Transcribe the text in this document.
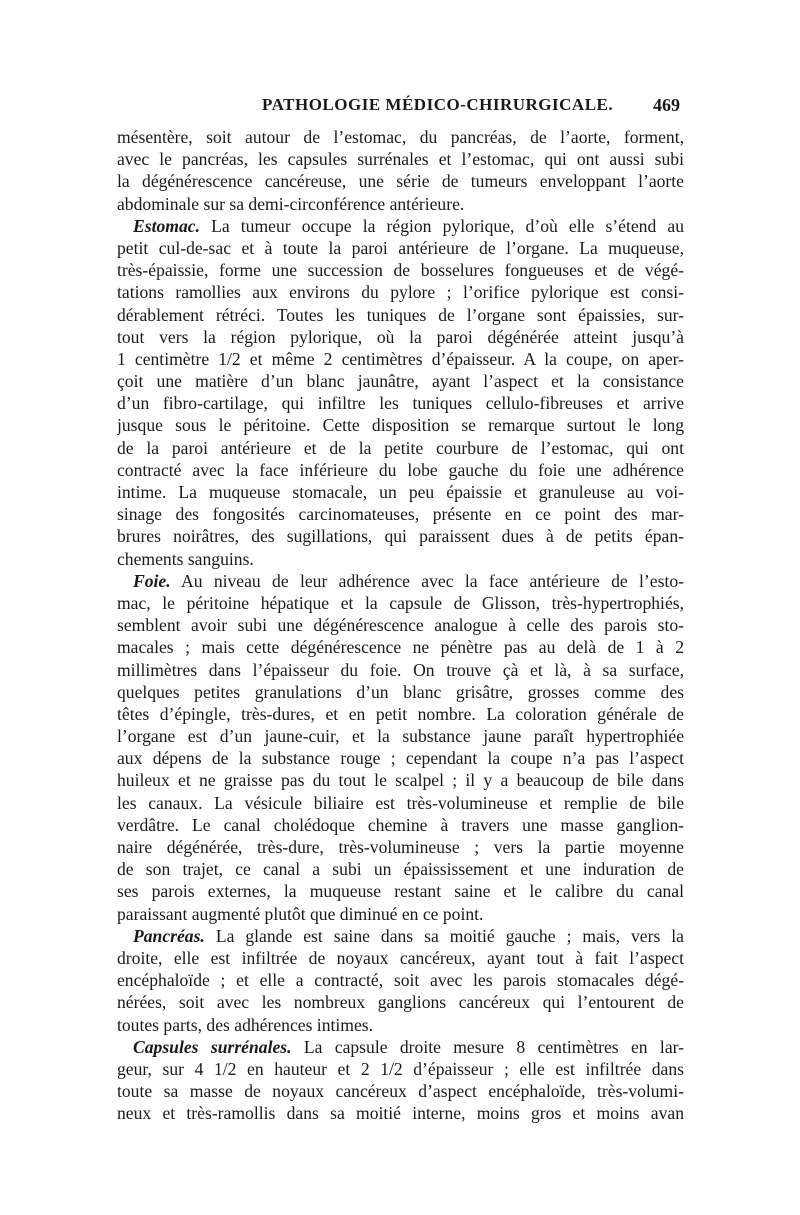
PATHOLOGIE MÉDICO-CHIRURGICALE. 469
mésentère, soit autour de l’estomac, du pancréas, de l’aorte, forment,
avec le pancréas, les capsules surrénales et l’estomac, qui ont aussi subi
la dégénérescence cancéreuse, une série de tumeurs enveloppant l’aorte
abdominale sur sa demi-circonférence antérieure.
Estomac. La tumeur occupe la région pylorique, d’où elle s’étend au
petit cul-de-sac et à toute la paroi antérieure de l’organe. La muqueuse,
très-épaissie, forme une succession de bosselures fongueuses et de végé-
tations ramollies aux environs du pylore ; l’orifice pylorique est consi-
dérablement rétréci. Toutes les tuniques de l’organe sont épaissies, sur-
tout vers la région pylorique, où la paroi dégénérée atteint jusqu’à
1 centimètre 1/2 et même 2 centimètres d’épaisseur. A la coupe, on aper-
çoit une matière d’un blanc jaunâtre, ayant l’aspect et la consistance
d’un fibro-cartilage, qui infiltre les tuniques cellulo-fibreuses et arrive
jusque sous le péritoine. Cette disposition se remarque surtout le long
de la paroi antérieure et de la petite courbure de l’estomac, qui ont
contracté avec la face inférieure du lobe gauche du foie une adhérence
intime. La muqueuse stomacale, un peu épaissie et granuleuse au voi-
sinage des fongosités carcinomateuses, présente en ce point des mar-
brures noirâtres, des sugillations, qui paraissent dues à de petits épan-
chements sanguins.
Foie. Au niveau de leur adhérence avec la face antérieure de l’esto-
mac, le péritoine hépatique et la capsule de Glisson, très-hypertrophiés,
semblent avoir subi une dégénérescence analogue à celle des parois sto-
macales ; mais cette dégénérescence ne pénètre pas au delà de 1 à 2
millimètres dans l’épaisseur du foie. On trouve çà et là, à sa surface,
quelques petites granulations d’un blanc grisâtre, grosses comme des
têtes d’épingle, très-dures, et en petit nombre. La coloration générale de
l’organe est d’un jaune-cuir, et la substance jaune paraît hypertrophiée
aux dépens de la substance rouge ; cependant la coupe n’a pas l’aspect
huileux et ne graisse pas du tout le scalpel ; il y a beaucoup de bile dans
les canaux. La vésicule biliaire est très-volumineuse et remplie de bile
verdâtre. Le canal cholédoque chemine à travers une masse ganglion-
naire dégénérée, très-dure, très-volumineuse ; vers la partie moyenne
de son trajet, ce canal a subi un épaississement et une induration de
ses parois externes, la muqueuse restant saine et le calibre du canal
paraissant augmenté plutôt que diminué en ce point.
Pancréas. La glande est saine dans sa moitié gauche ; mais, vers la
droite, elle est infiltrée de noyaux cancéreux, ayant tout à fait l’aspect
encéphaloïde ; et elle a contracté, soit avec les parois stomacales dégé-
nérées, soit avec les nombreux ganglions cancéreux qui l’entourent de
toutes parts, des adhérences intimes.
Capsules surrénales. La capsule droite mesure 8 centimètres en lar-
geur, sur 4 1/2 en hauteur et 2 1/2 d’épaisseur ; elle est infiltrée dans
toute sa masse de noyaux cancéreux d’aspect encéphaloïde, très-volumi-
neux et très-ramollis dans sa moitié interne, moins gros et moins avan
